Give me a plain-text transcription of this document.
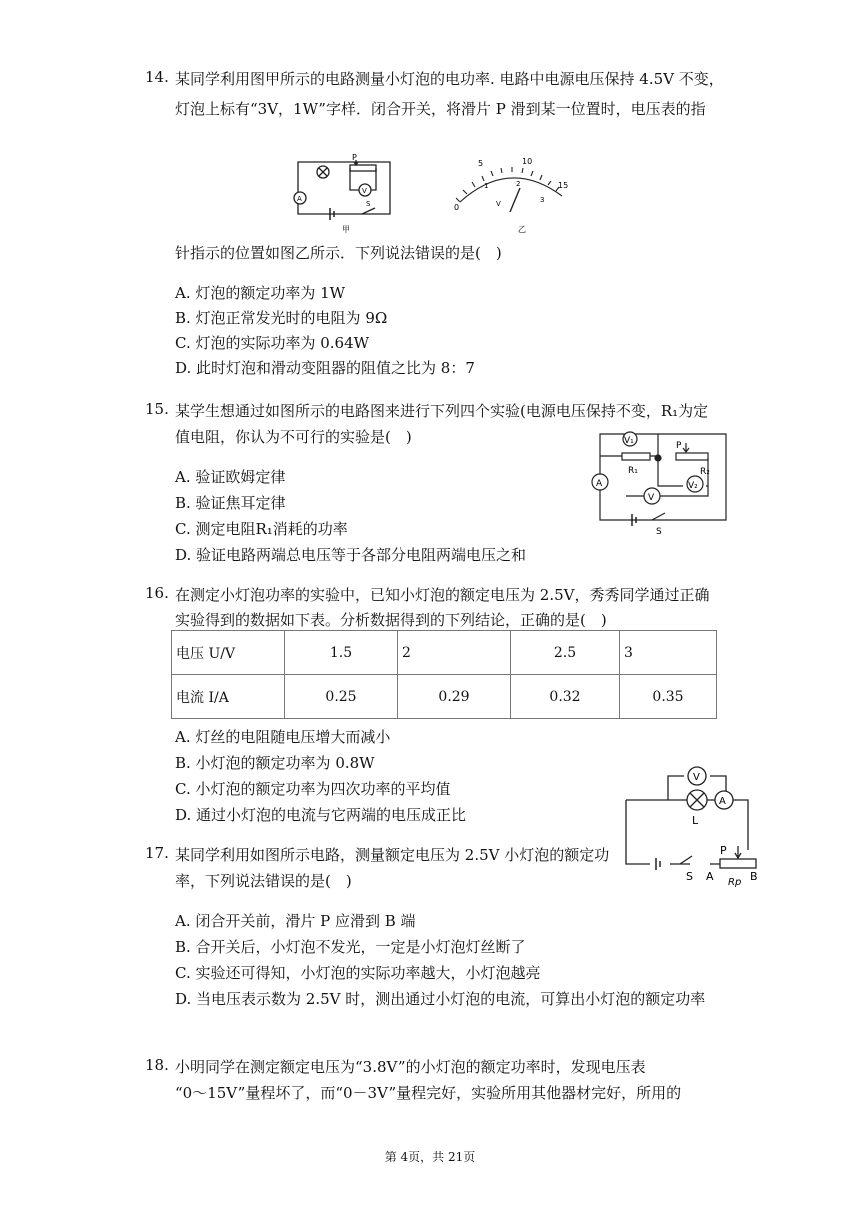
14. 某同学利用图甲所示的电路测量小灯泡的电功率. 电路中电源电压保持 4.5V 不变，
灯泡上标有“3V，1W”字样．闭合开关，将滑片 P 滑到某一位置时，电压表的指
P
V
A
S
甲
5	10
15
0
1	2
3
V
乙
针指示的位置如图乙所示．下列说法错误的是(　)
A. 灯泡的额定功率为 1W
B. 灯泡正常发光时的电阻为 9Ω
C. 灯泡的实际功率为 0.64W
D. 此时灯泡和滑动变阻器的阻值之比为 8：7
15. 某学生想通过如图所示的电路图来进行下列四个实验(电源电压保持不变，R₁为定
值电阻，你认为不可行的实验是(　)	V₁	P
R₁	R₂
V₂
A
V
S
A. 验证欧姆定律
B. 验证焦耳定律
C. 测定电阻R₁消耗的功率
D. 验证电路两端总电压等于各部分电阻两端电压之和
16. 在测定小灯泡功率的实验中，已知小灯泡的额定电压为 2.5V，秀秀同学通过正确
实验得到的数据如下表。分析数据得到的下列结论，正确的是(　)
电压 U/V	1.5	2	2.5	3
电流 I/A	0.25	0.29	0.32	0.35
A. 灯丝的电阻随电压增大而减小
B. 小灯泡的额定功率为 0.8W
C. 小灯泡的额定功率为四次功率的平均值
D. 通过小灯泡的电流与它两端的电压成正比
V
A
L
P
S A Rp B
17. 某同学利用如图所示电路，测量额定电压为 2.5V 小灯泡的额定功
率，下列说法错误的是(　)
A. 闭合开关前，滑片 P 应滑到 B 端
B. 合开关后，小灯泡不发光，一定是小灯泡灯丝断了
C. 实验还可得知，小灯泡的实际功率越大，小灯泡越亮
D. 当电压表示数为 2.5V 时，测出通过小灯泡的电流，可算出小灯泡的额定功率
18. 小明同学在测定额定电压为“3.8V”的小灯泡的额定功率时，发现电压表
“0～15V”量程坏了，而“0－3V”量程完好，实验所用其他器材完好，所用的
第 4页，共 21页
